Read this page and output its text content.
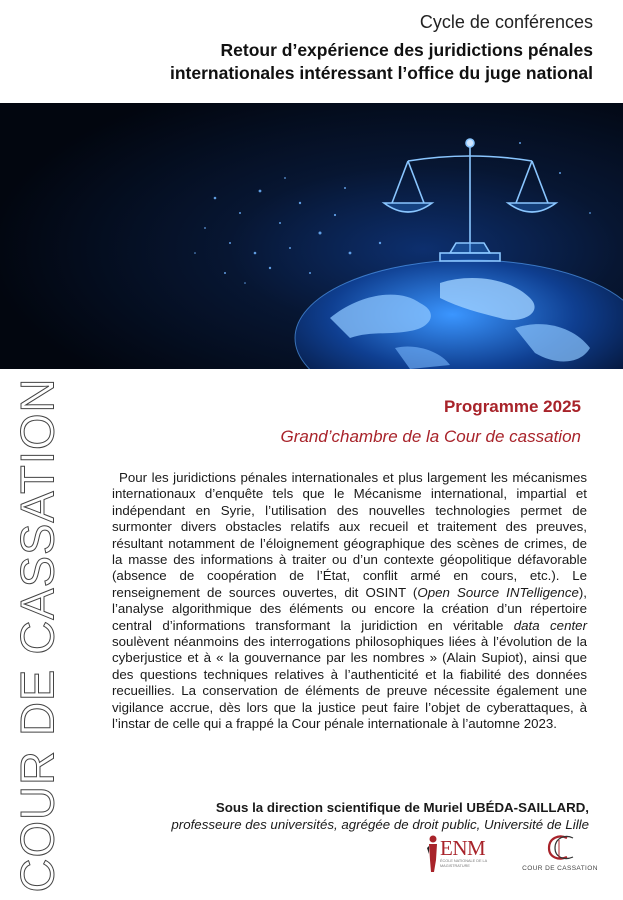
Cycle de conférences

Retour d’expérience des juridictions pénales
internationales intéressant l’office du juge national

COUR DE CASSATION	Programme 2025

Grand’chambre de la Cour de cassation

Pour les juridictions pénales internationales et plus largement les mécanismes internationaux d’enquête tels que le Mécanisme international, impartial et indépendant en Syrie, l’utilisation des nouvelles technologies permet de surmonter divers obstacles relatifs aux recueil et traitement des preuves, résultant notamment de l’éloignement géographique des scènes de crimes, de la masse des informations à traiter ou d’un contexte géopolitique défavorable (absence de coopération de l’État, conflit armé en cours, etc.). Le renseignement de sources ouvertes, dit OSINT (Open Source INTelligence), l’analyse algorithmique des éléments ou encore la création d’un répertoire central d’informations transformant la juridiction en véritable data center soulèvent néanmoins des interrogations philosophiques liées à l’évolution de la cyberjustice et à « la gouvernance par les nombres » (Alain Supiot), ainsi que des questions techniques relatives à l’authenticité et la fiabilité des données recueillies. La conservation de éléments de preuve nécessite également une vigilance accrue, dès lors que la justice peut faire l’objet de cyberattaques, à l’instar de celle qui a frappé la Cour pénale internationale à l’automne 2023.

Sous la direction scientifique de Muriel UBÉDA-SAILLARD,
professeure des universités, agrégée de droit public, Université de Lille
ENM
ÉCOLE NATIONALE DE LA MAGISTRATURE	COUR DE CASSATION
